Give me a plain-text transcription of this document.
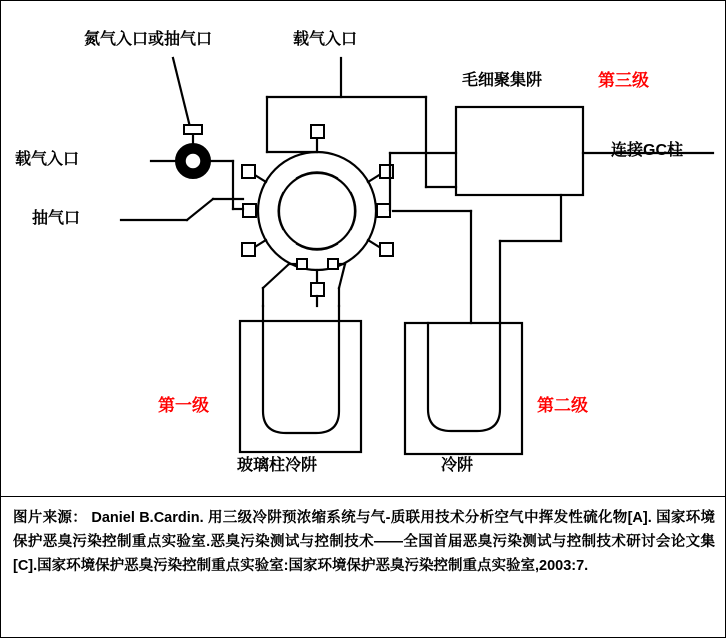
氮气入口或抽气口	载气入口
载气入口
抽气口
毛细聚集阱	第三级
连接GC柱
第一级	第二级
玻璃柱冷阱	冷阱

图片来源： Daniel B.Cardin. 用三级冷阱预浓缩系统与气-质联用技术分析空气中挥发性硫化物[A]. 国家环境保护恶臭污染控制重点实验室.恶臭污染测试与控制技术——全国首届恶臭污染测试与控制技术研讨会论文集[C].国家环境保护恶臭污染控制重点实验室:国家环境保护恶臭污染控制重点实验室,2003:7.
